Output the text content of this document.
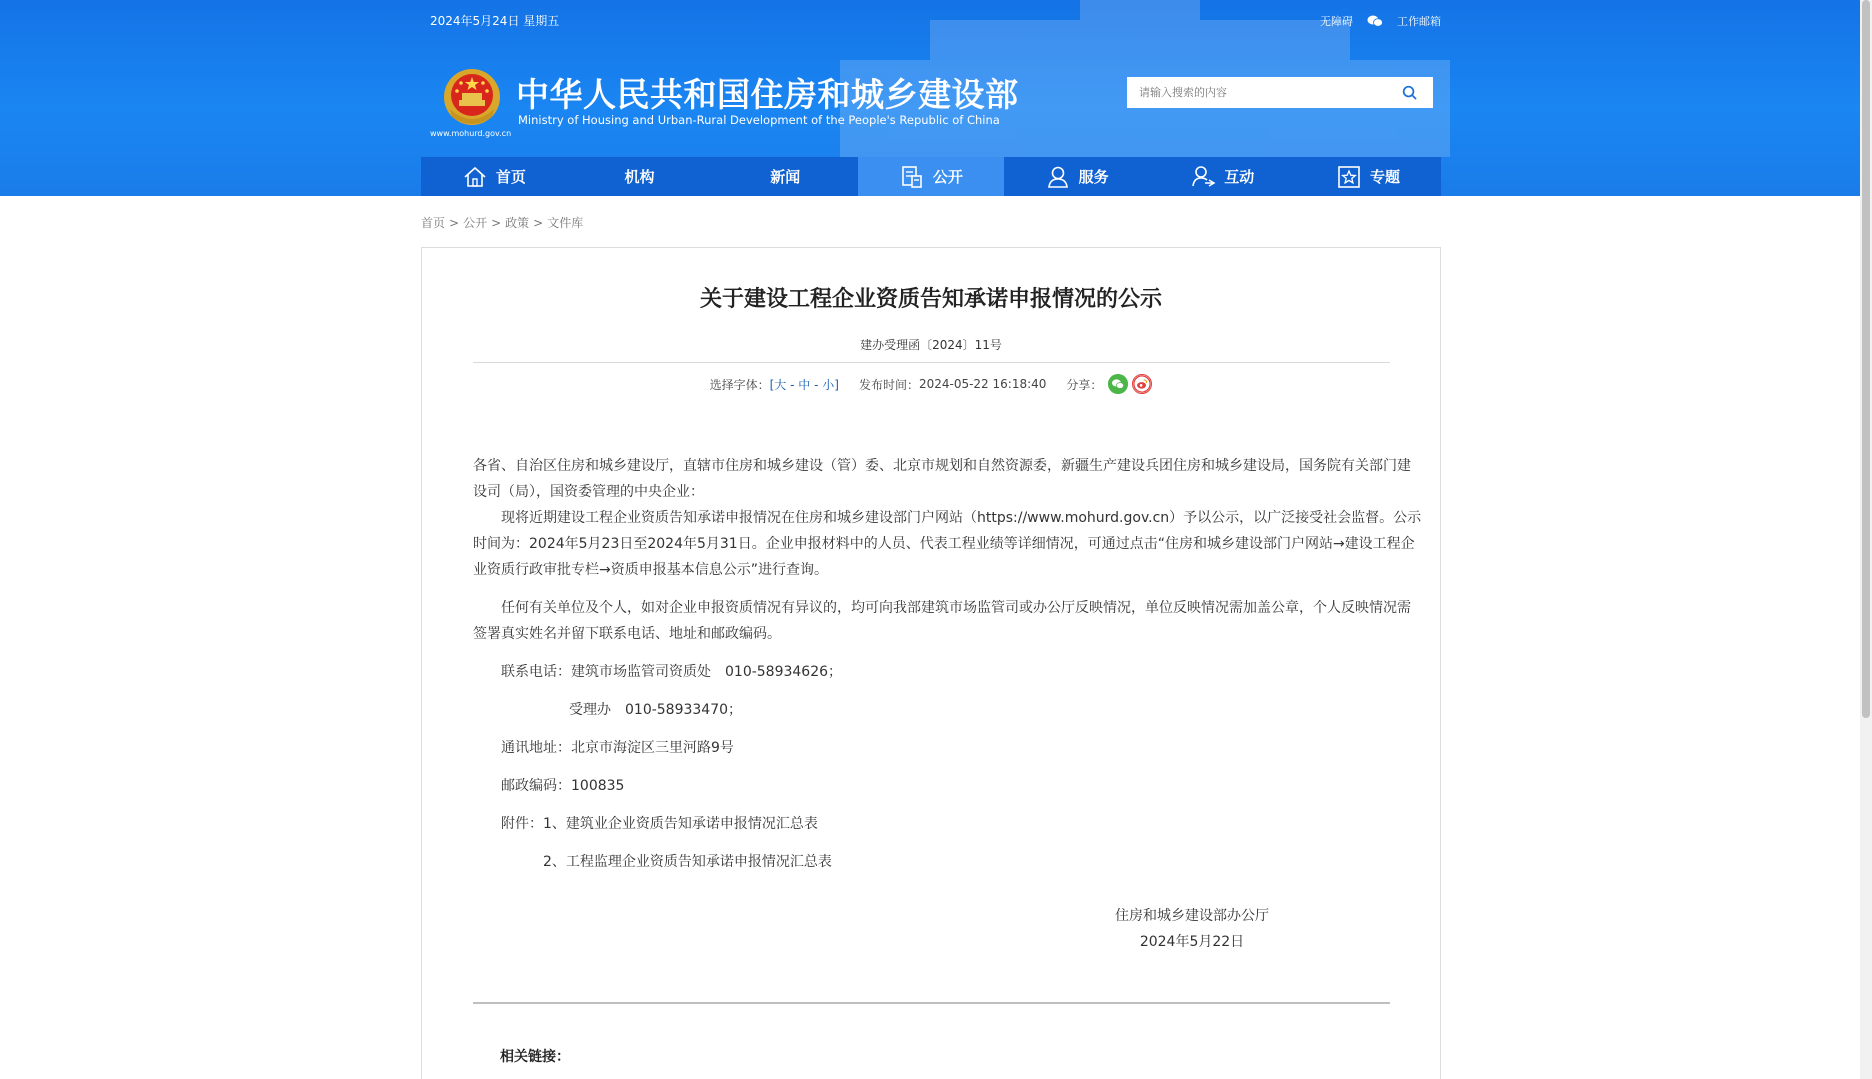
2024年5月24日 星期五	无障碍	工作邮箱
www.mohurd.gov.cn
中华人民共和国住房和城乡建设部
Ministry of Housing and Urban-Rural Development of the People's Republic of China
请输入搜索的内容
首页	机构	新闻	公开	服务	互动	专题
首页 > 公开 > 政策 > 文件库
关于建设工程企业资质告知承诺申报情况的公示
建办受理函〔2024〕11号
选择字体： [大 - 中 - 小] 发布时间： 2024-05-22 16:18:40 分享：
各省、自治区住房和城乡建设厅，直辖市住房和城乡建设（管）委、北京市规划和自然资源委，新疆生产建设兵团住房和城乡建设局，国务院有关部门建
设司（局），国资委管理的中央企业：
现将近期建设工程企业资质告知承诺申报情况在住房和城乡建设部门户网站（https://www.mohurd.gov.cn）予以公示，以广泛接受社会监督。公示
时间为：2024年5月23日至2024年5月31日。企业申报材料中的人员、代表工程业绩等详细情况，可通过点击“住房和城乡建设部门户网站→建设工程企
业资质行政审批专栏→资质申报基本信息公示”进行查询。
任何有关单位及个人，如对企业申报资质情况有异议的，均可向我部建筑市场监管司或办公厅反映情况，单位反映情况需加盖公章，个人反映情况需
签署真实姓名并留下联系电话、地址和邮政编码。
联系电话：建筑市场监管司资质处　010-58934626；
受理办　010-58933470；
通讯地址：北京市海淀区三里河路9号
邮政编码：100835
附件：1、建筑业企业资质告知承诺申报情况汇总表
2、工程监理企业资质告知承诺申报情况汇总表
住房和城乡建设部办公厅
2024年5月22日
相关链接：
